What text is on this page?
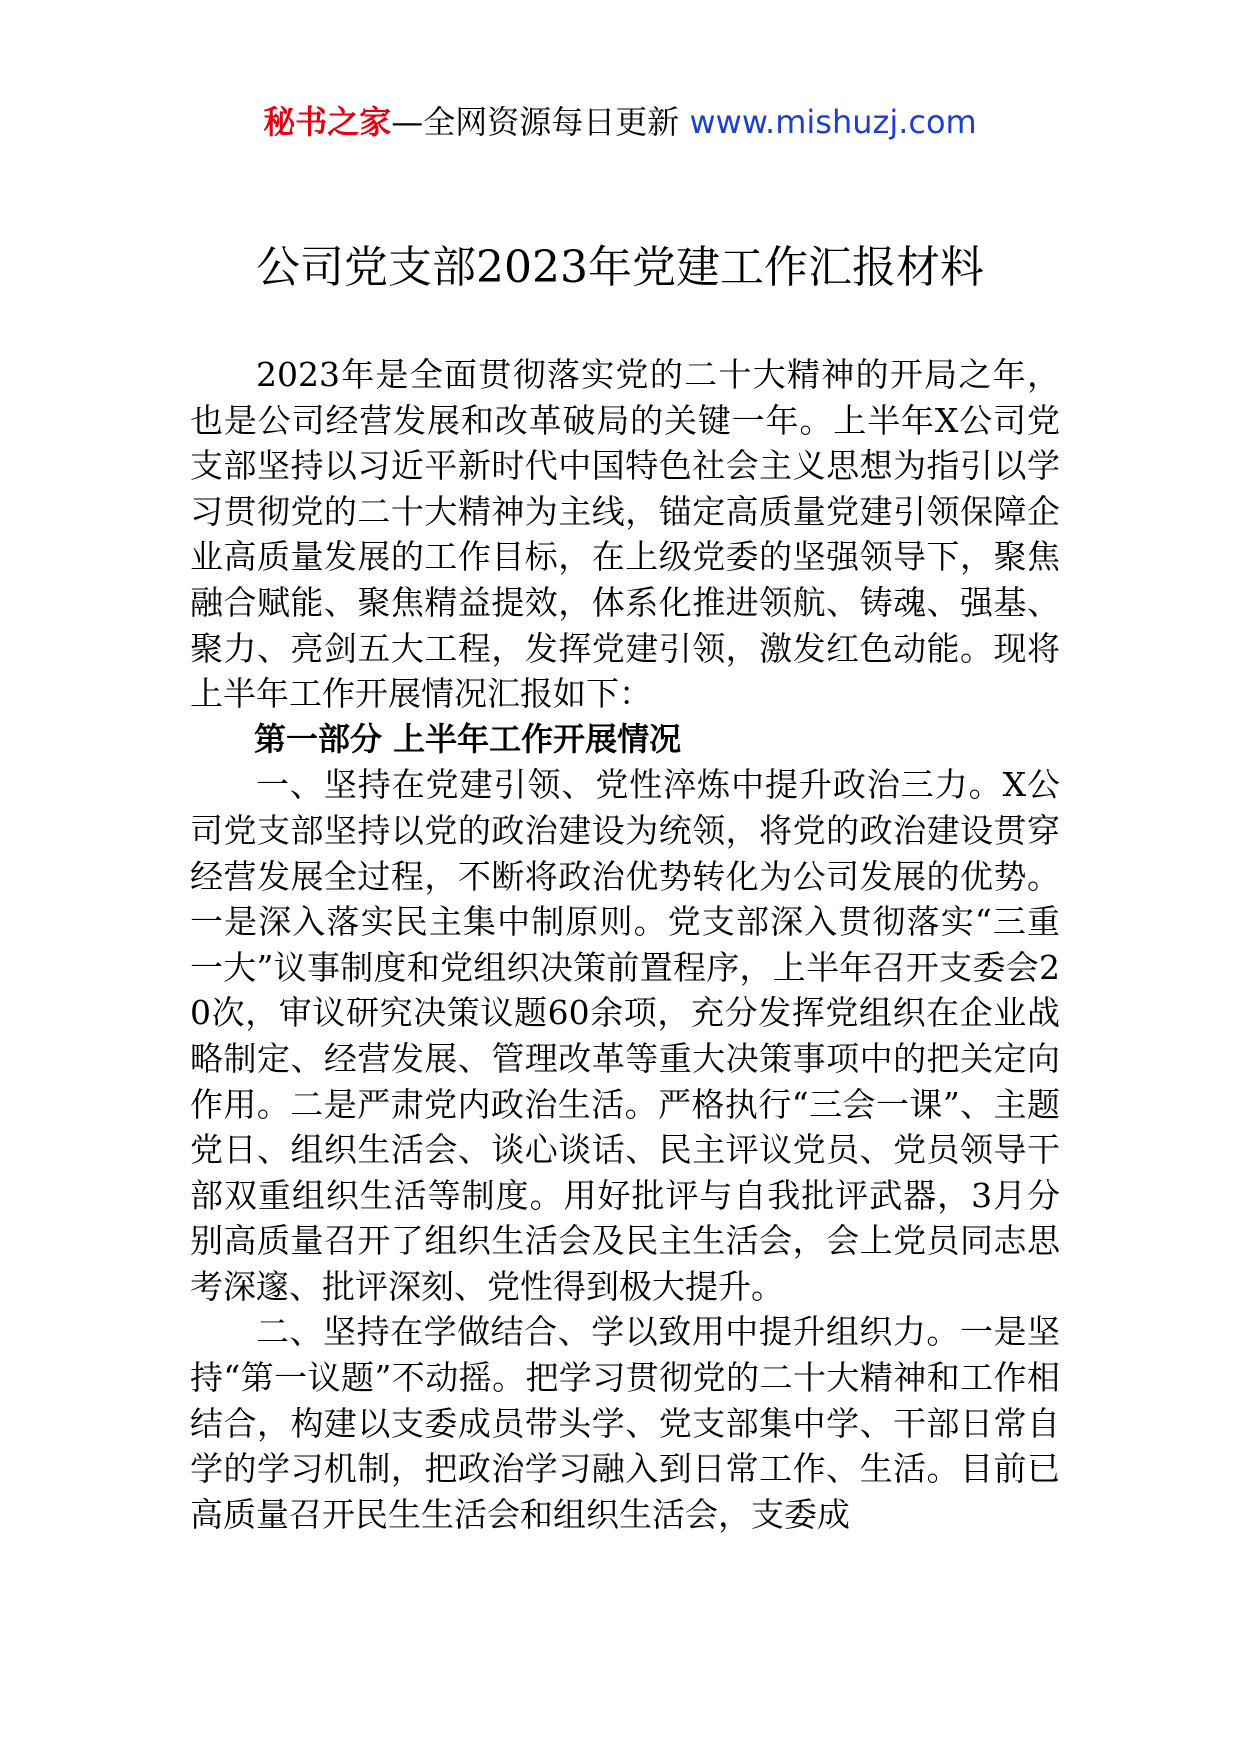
秘书之家—全网资源每日更新 www.mishuzj.com
公司党支部2023年党建工作汇报材料

2023年是全面贯彻落实党的二十大精神的开局之年，也是公司经营发展和改革破局的关键一年。上半年X公司党支部坚持以习近平新时代中国特色社会主义思想为指引以学习贯彻党的二十大精神为主线，锚定高质量党建引领保障企业高质量发展的工作目标，在上级党委的坚强领导下，聚焦融合赋能、聚焦精益提效，体系化推进领航、铸魂、强基、聚力、亮剑五大工程，发挥党建引领，激发红色动能。现将上半年工作开展情况汇报如下：

第一部分 上半年工作开展情况

一、坚持在党建引领、党性淬炼中提升政治三力。X公司党支部坚持以党的政治建设为统领，将党的政治建设贯穿经营发展全过程，不断将政治优势转化为公司发展的优势。一是深入落实民主集中制原则。党支部深入贯彻落实“三重一大”议事制度和党组织决策前置程序，上半年召开支委会20次，审议研究决策议题60余项，充分发挥党组织在企业战略制定、经营发展、管理改革等重大决策事项中的把关定向作用。二是严肃党内政治生活。严格执行“三会一课”、主题党日、组织生活会、谈心谈话、民主评议党员、党员领导干部双重组织生活等制度。用好批评与自我批评武器，3月分别高质量召开了组织生活会及民主生活会，会上党员同志思考深邃、批评深刻、党性得到极大提升。

二、坚持在学做结合、学以致用中提升组织力。一是坚持“第一议题”不动摇。把学习贯彻党的二十大精神和工作相结合，构建以支委成员带头学、党支部集中学、干部日常自学的学习机制，把政治学习融入到日常工作、生活。目前已高质量召开民生生活会和组织生活会，支委成
